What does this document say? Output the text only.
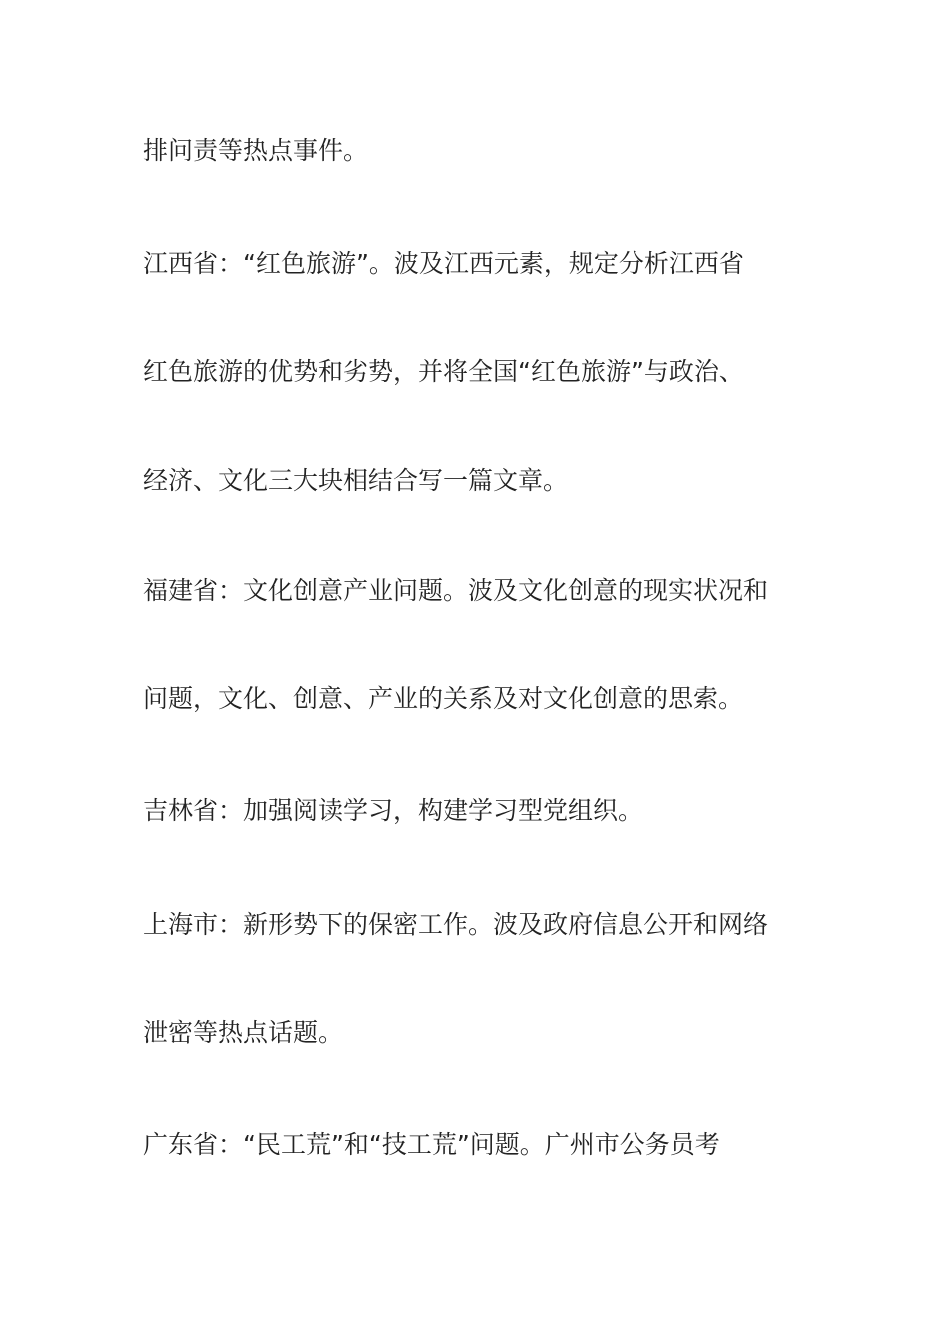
排问责等热点事件。
江西省：“红色旅游”。波及江西元素，规定分析江西省
红色旅游的优势和劣势，并将全国“红色旅游”与政治、
经济、文化三大块相结合写一篇文章。
福建省：文化创意产业问题。波及文化创意的现实状况和
问题，文化、创意、产业的关系及对文化创意的思索。
吉林省：加强阅读学习，构建学习型党组织。
上海市：新形势下的保密工作。波及政府信息公开和网络
泄密等热点话题。
广东省：“民工荒”和“技工荒”问题。广州市公务员考
